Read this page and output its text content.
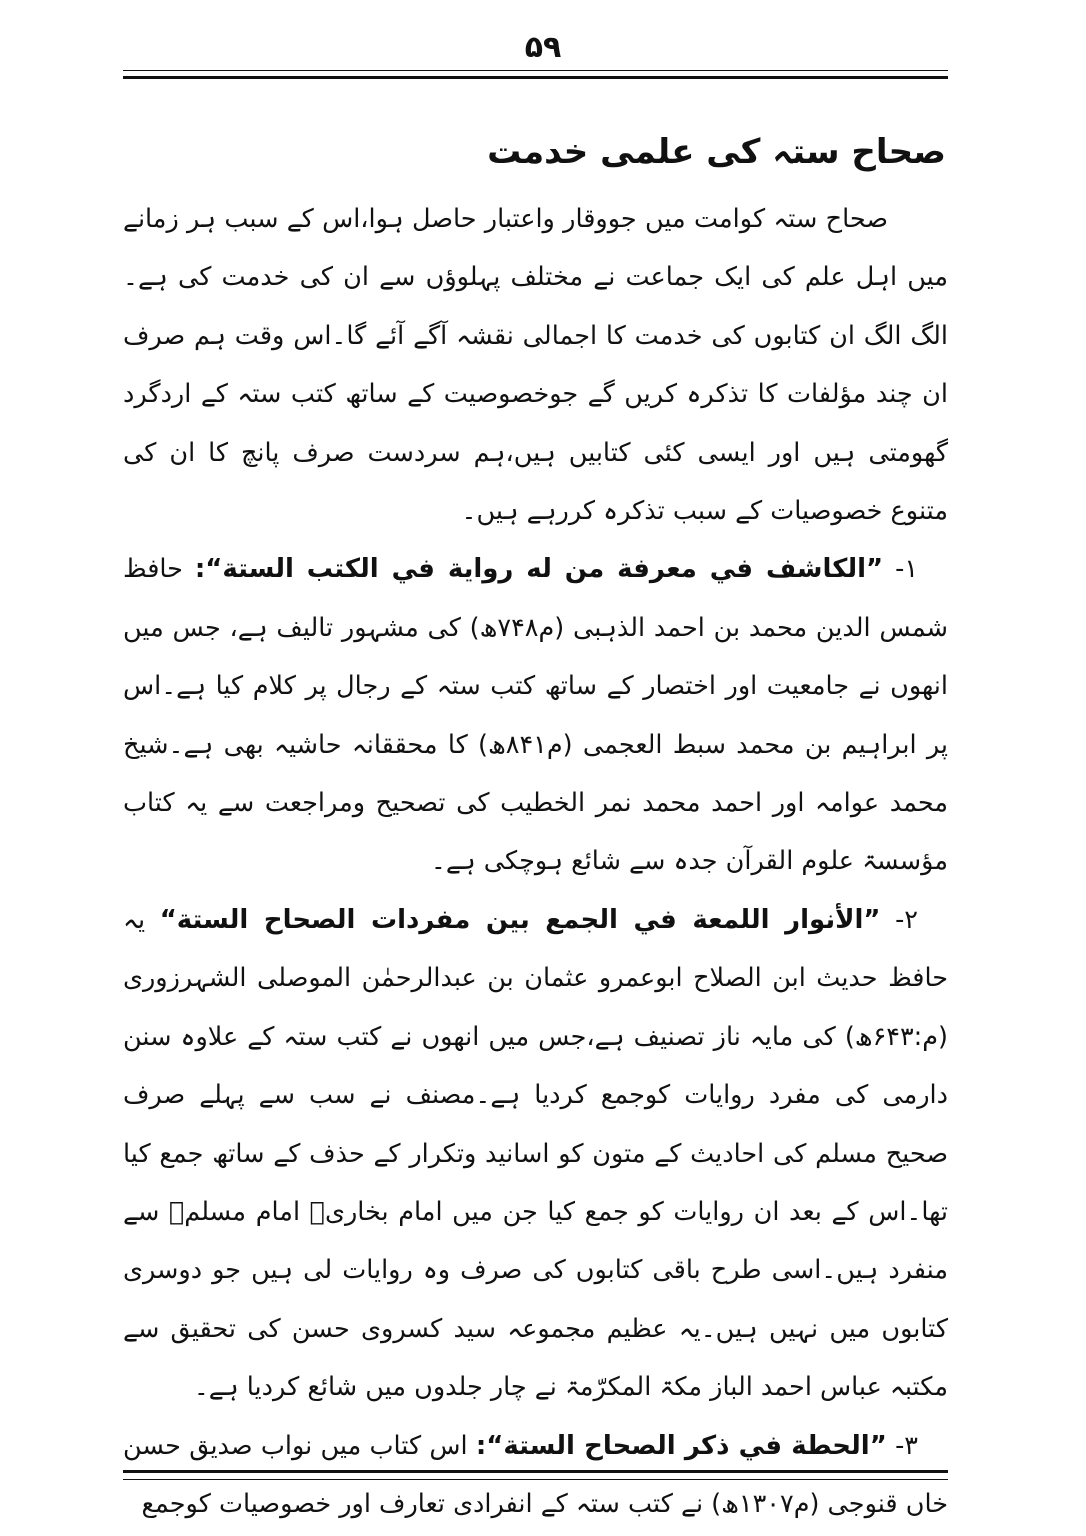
۵۹
صحاح ستہ کی علمی خدمت

صحاح ستہ کوامت میں جووقار واعتبار حاصل ہوا،اس کے سبب ہر زمانے میں اہل علم کی ایک جماعت نے مختلف پہلوؤں سے ان کی خدمت کی ہے۔ الگ الگ ان کتابوں کی خدمت کا اجمالی نقشہ آگے آئے گا۔اس وقت ہم صرف ان چند مؤلفات کا تذکرہ کریں گے جوخصوصیت کے ساتھ کتب ستہ کے اردگرد گھومتی ہیں اور ایسی کئی کتابیں ہیں،ہم سردست صرف پانچ کا ان کی متنوع خصوصیات کے سبب تذکرہ کررہے ہیں۔

۱- ”الكاشف في معرفة من له رواية في الكتب الستة“: حافظ شمس الدین محمد بن احمد الذہبی (م۷۴۸ھ) کی مشہور تالیف ہے، جس میں انھوں نے جامعیت اور اختصار کے ساتھ کتب ستہ کے رجال پر کلام کیا ہے۔اس پر ابراہیم بن محمد سبط العجمی (م۸۴۱ھ) کا محققانہ حاشیہ بھی ہے۔شیخ محمد عوامہ اور احمد محمد نمر الخطیب کی تصحیح ومراجعت سے یہ کتاب مؤسسۃ علوم القرآن جدہ سے شائع ہوچکی ہے۔

۲- ”الأنوار اللمعة في الجمع بين مفردات الصحاح الستة“ یہ حافظ حدیث ابن الصلاح ابوعمرو عثمان بن عبدالرحمٰن الموصلی الشہرزوری (م:۶۴۳ھ) کی مایہ ناز تصنیف ہے،جس میں انھوں نے کتب ستہ کے علاوہ سنن دارمی کی مفرد روایات کوجمع کردیا ہے۔مصنف نے سب سے پہلے صرف صحیح مسلم کی احادیث کے متون کو اسانید وتکرار کے حذف کے ساتھ جمع کیا تھا۔اس کے بعد ان روایات کو جمع کیا جن میں امام بخاریؒ امام مسلمؒ سے منفرد ہیں۔اسی طرح باقی کتابوں کی صرف وہ روایات لی ہیں جو دوسری کتابوں میں نہیں ہیں۔یہ عظیم مجموعہ سید کسروی حسن کی تحقیق سے مکتبہ عباس احمد الباز مکۃ المکرّمۃ نے چار جلدوں میں شائع کردیا ہے۔

۳- ”الحطة في ذكر الصحاح الستة“: اس کتاب میں نواب صدیق حسن خاں قنوجی (م۱۳۰۷ھ) نے کتب ستہ کے انفرادی تعارف اور خصوصیات کوجمع
